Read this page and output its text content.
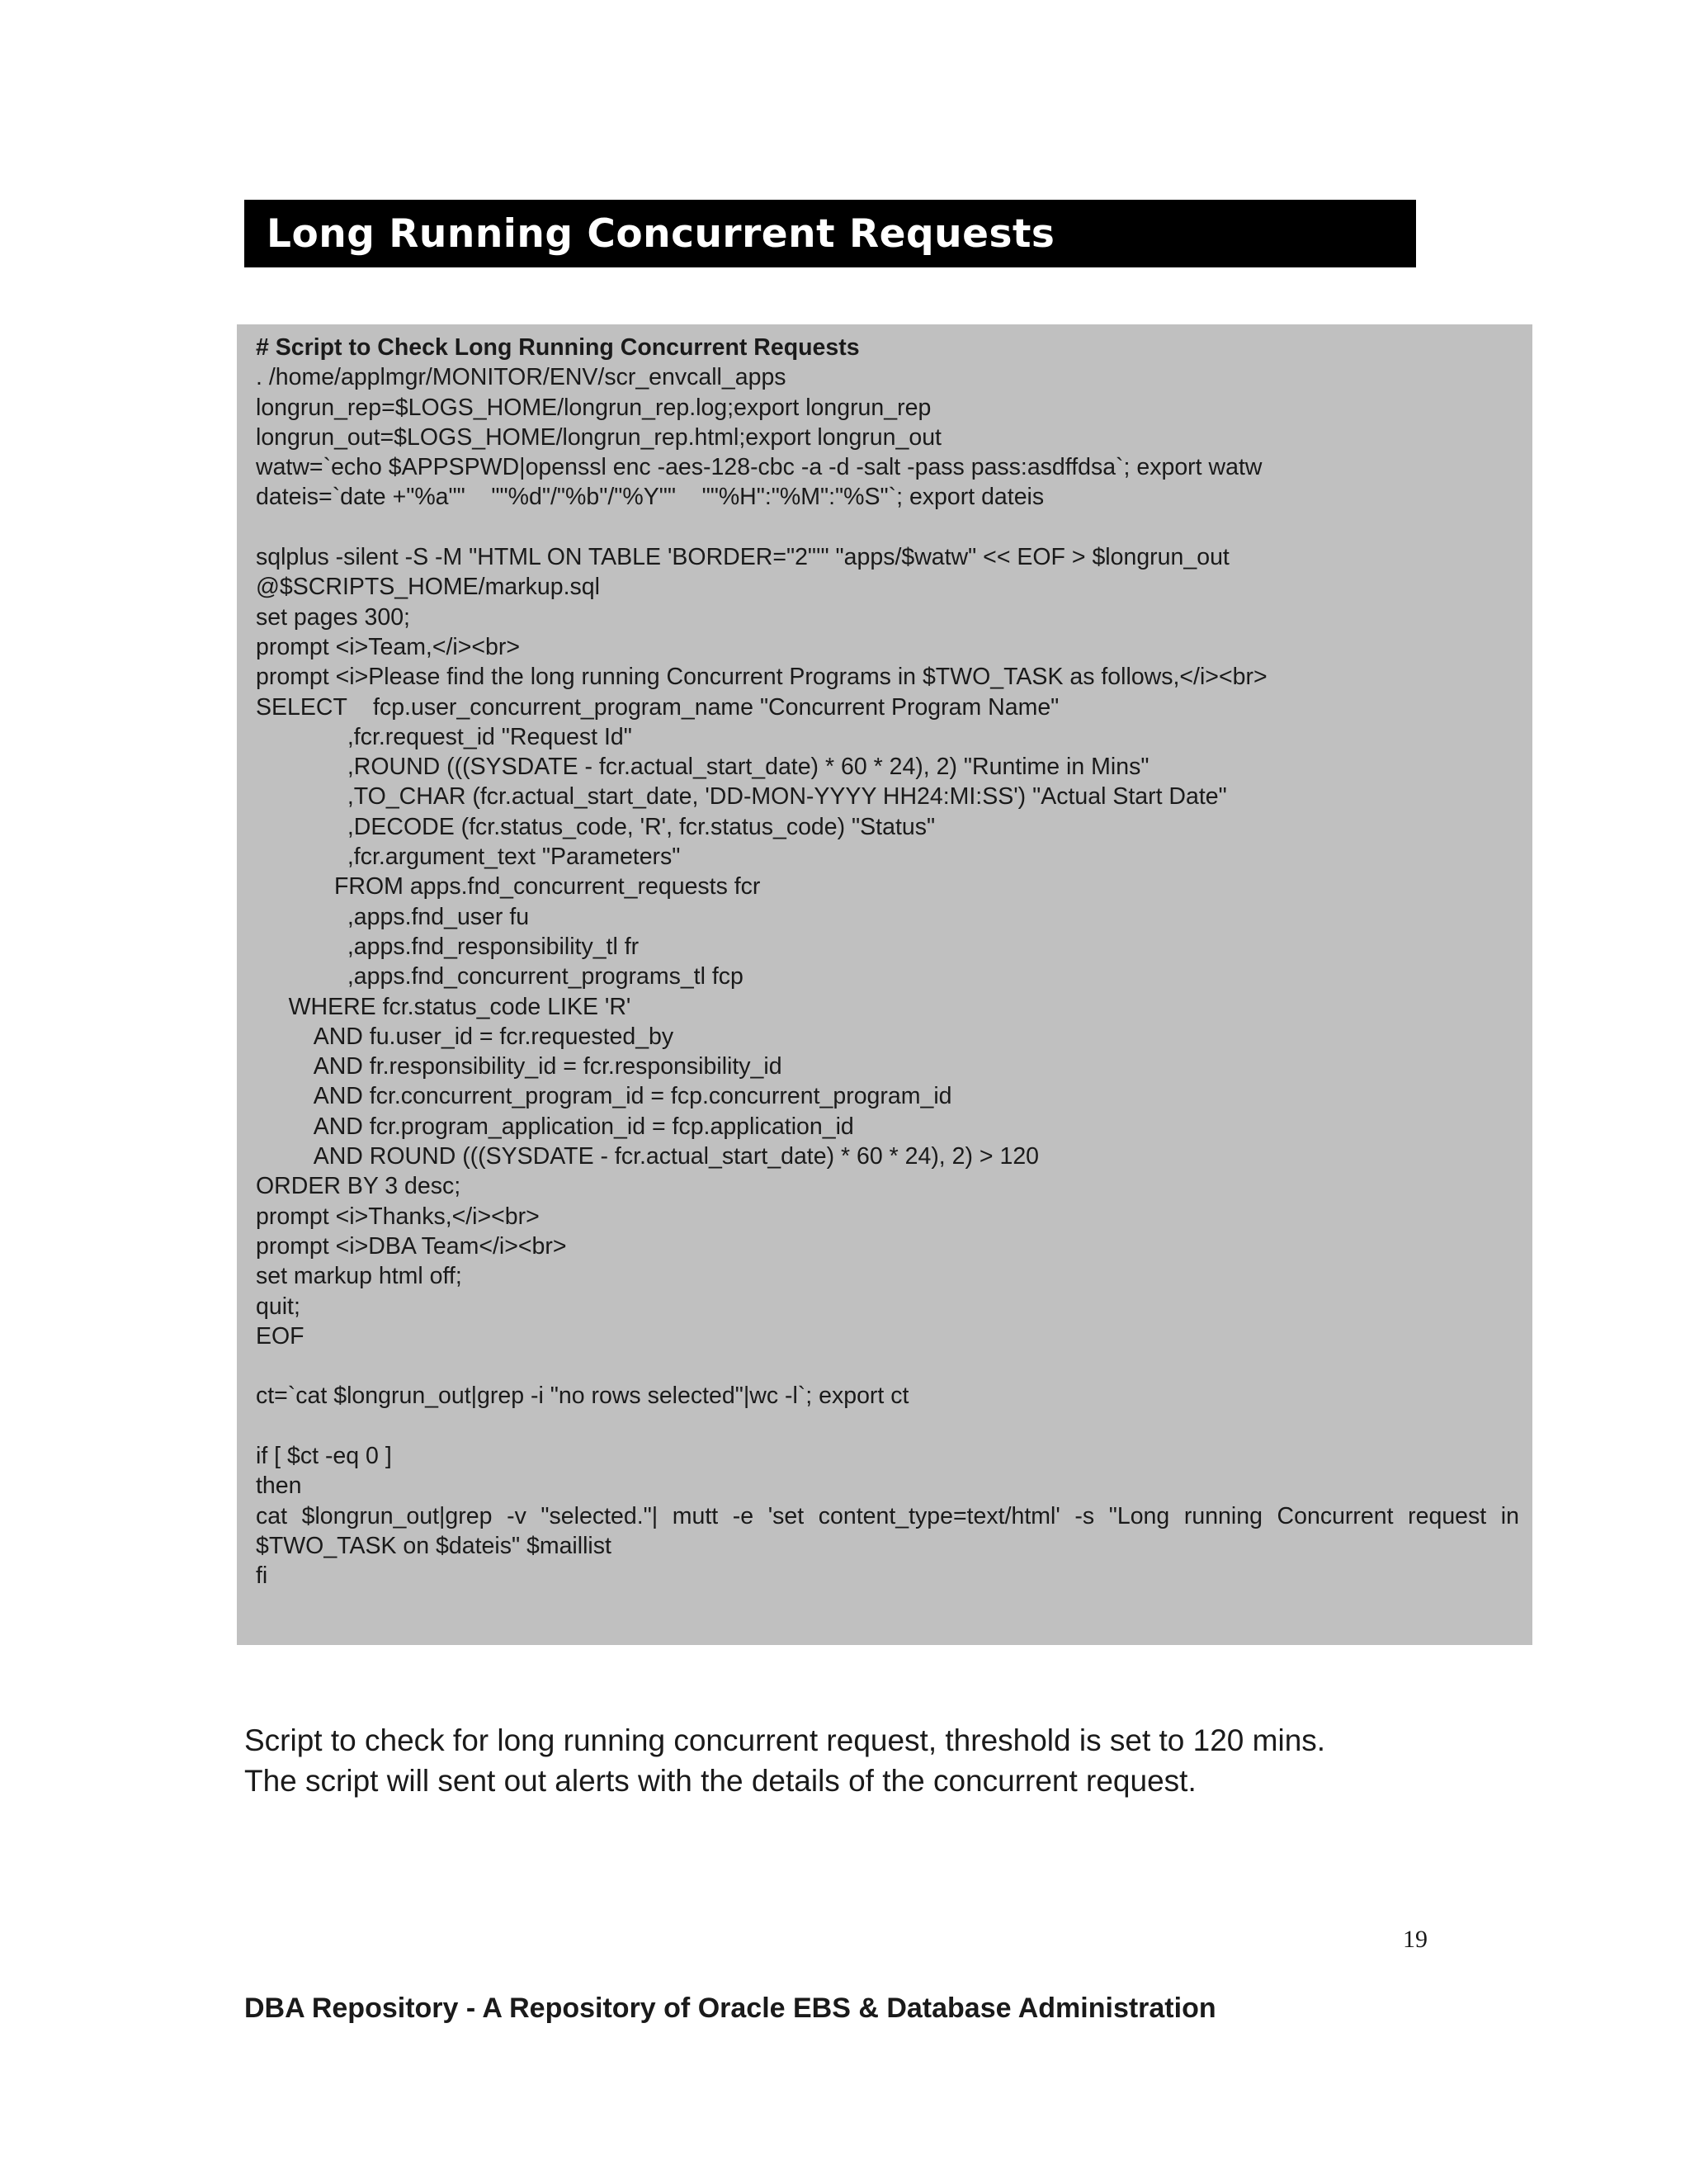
Long Running Concurrent Requests
# Script to Check Long Running Concurrent Requests
. /home/applmgr/MONITOR/ENV/scr_envcall_apps
longrun_rep=$LOGS_HOME/longrun_rep.log;export longrun_rep
longrun_out=$LOGS_HOME/longrun_rep.html;export longrun_out
watw=`echo $APPSPWD|openssl enc -aes-128-cbc -a -d -salt -pass pass:asdffdsa`; export watw
dateis=`date +"%a""    ""%d"/"%b"/"%Y""    ""%H":"%M":"%S"`; export dateis
sqlplus -silent -S -M "HTML ON TABLE 'BORDER="2"'" "apps/$watw" << EOF > $longrun_out
@$SCRIPTS_HOME/markup.sql
set pages 300;
prompt <i>Team,</i><br>
prompt <i>Please find the long running Concurrent Programs in $TWO_TASK as follows,</i><br>
SELECT    fcp.user_concurrent_program_name "Concurrent Program Name"
,fcr.request_id "Request Id"
,ROUND (((SYSDATE - fcr.actual_start_date) * 60 * 24), 2) "Runtime in Mins"
,TO_CHAR (fcr.actual_start_date, 'DD-MON-YYYY HH24:MI:SS') "Actual Start Date"
,DECODE (fcr.status_code, 'R', fcr.status_code) "Status"
,fcr.argument_text "Parameters"
FROM apps.fnd_concurrent_requests fcr
,apps.fnd_user fu
,apps.fnd_responsibility_tl fr
,apps.fnd_concurrent_programs_tl fcp
WHERE fcr.status_code LIKE 'R'
AND fu.user_id = fcr.requested_by
AND fr.responsibility_id = fcr.responsibility_id
AND fcr.concurrent_program_id = fcp.concurrent_program_id
AND fcr.program_application_id = fcp.application_id
AND ROUND (((SYSDATE - fcr.actual_start_date) * 60 * 24), 2) > 120
ORDER BY 3 desc;
prompt <i>Thanks,</i><br>
prompt <i>DBA Team</i><br>
set markup html off;
quit;
EOF
ct=`cat $longrun_out|grep -i "no rows selected"|wc -l`; export ct
if [ $ct -eq 0 ]
then
cat $longrun_out|grep -v "selected."| mutt -e 'set content_type=text/html' -s "Long running Concurrent request in
$TWO_TASK on $dateis" $maillist
fi
Script to check for long running concurrent request, threshold is set to 120 mins.
The script will sent out alerts with the details of the concurrent request.
19
DBA Repository - A Repository of Oracle EBS & Database Administration
